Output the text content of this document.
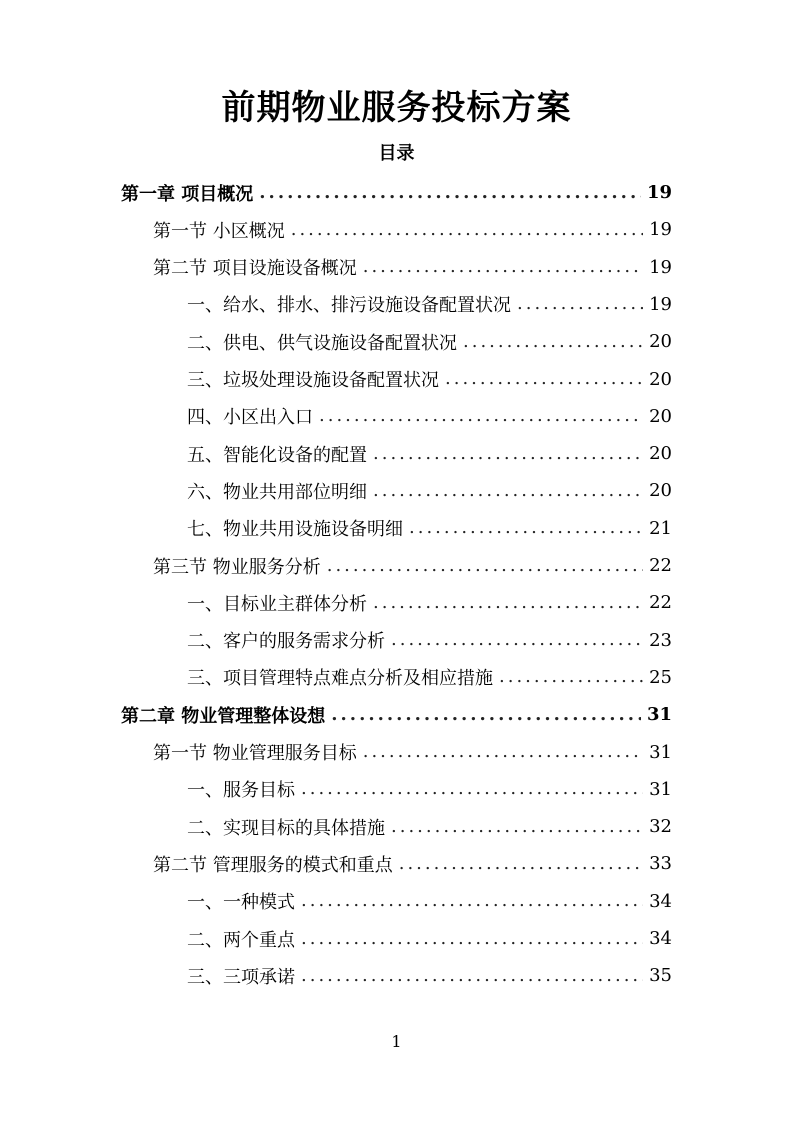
前期物业服务投标方案
目录
第一章 项目概况 .....	19
第一节 小区概况 .....	19
第二节 项目设施设备概况 .....	19
一、给水、排水、排污设施设备配置状况 .....	19
二、供电、供气设施设备配置状况 .....	20
三、垃圾处理设施设备配置状况 .....	20
四、小区出入口 .....	20
五、智能化设备的配置 .....	20
六、物业共用部位明细 .....	20
七、物业共用设施设备明细 .....	21
第三节 物业服务分析 .....	22
一、目标业主群体分析 .....	22
二、客户的服务需求分析 .....	23
三、项目管理特点难点分析及相应措施 .....	25
第二章 物业管理整体设想 .....	31
第一节 物业管理服务目标 .....	31
一、服务目标 .....	31
二、实现目标的具体措施 .....	32
第二节 管理服务的模式和重点 .....	33
一、一种模式 .....	34
二、两个重点 .....	34
三、三项承诺 .....	35
1
